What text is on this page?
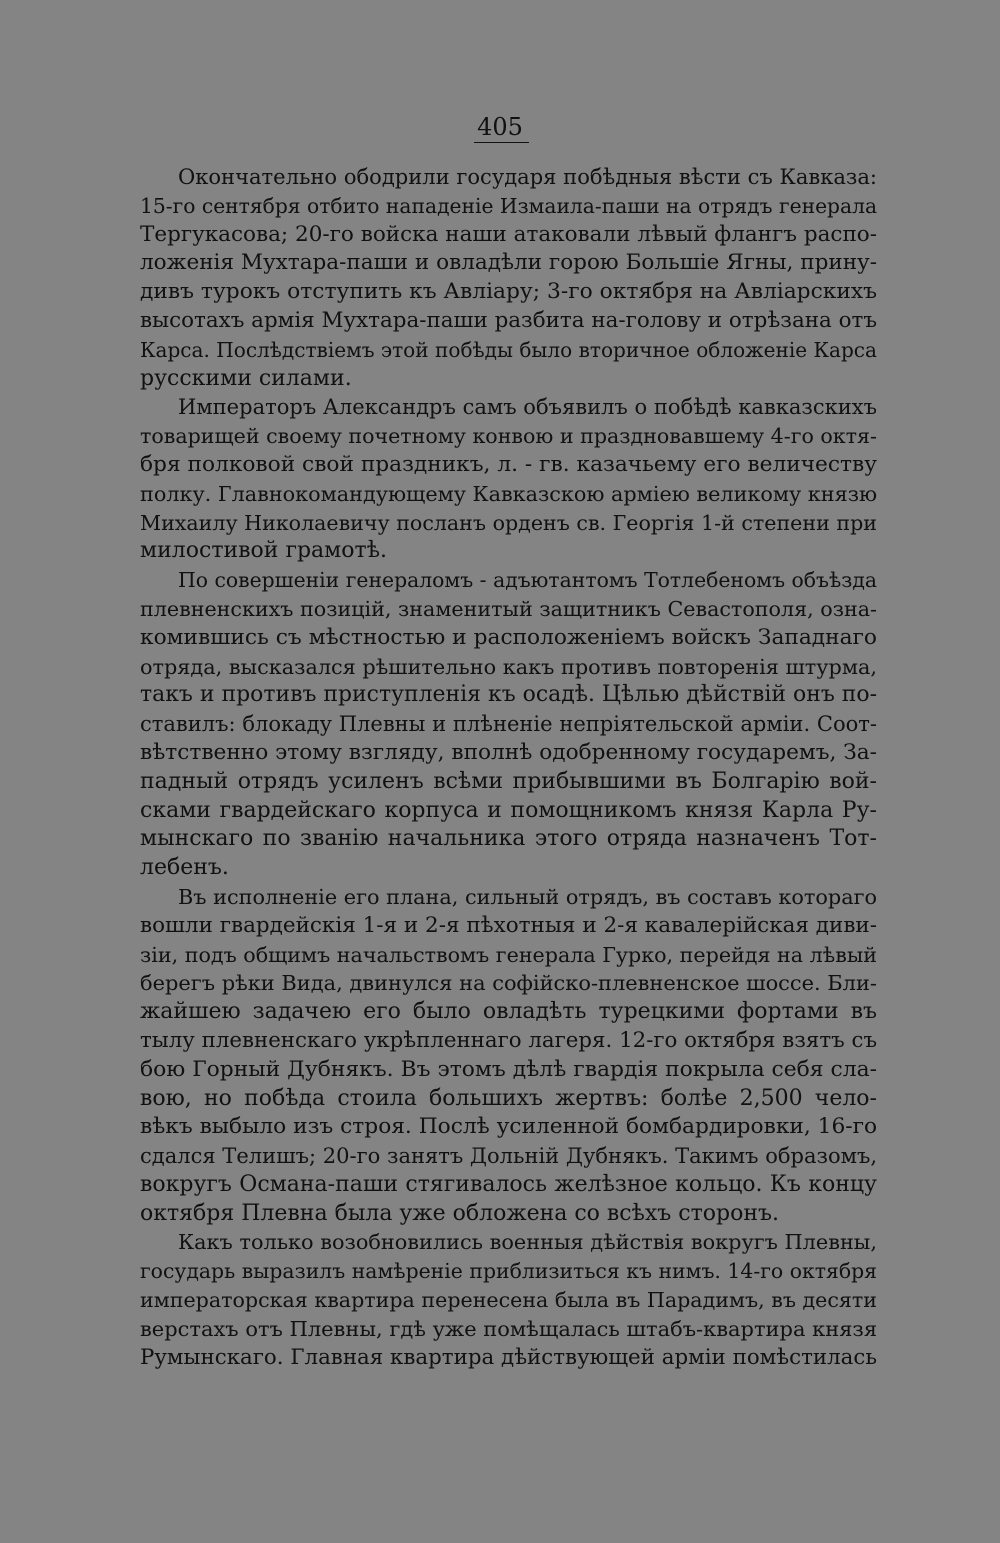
405
Окончательно ободрили государя побѣдныя вѣсти съ Кавказа:
15-го сентября отбито нападеніе Измаила-паши на отрядъ генерала
Тергукасова; 20-го войска наши атаковали лѣвый флангъ распо-
ложенія Мухтара-паши и овладѣли горою Большіе Ягны, прину-
дивъ турокъ отступить къ Авліару; 3-го октября на Авліарскихъ
высотахъ армія Мухтара-паши разбита на-голову и отрѣзана отъ
Карса. Послѣдствіемъ этой побѣды было вторичное обложеніе Карса
русскими силами.
Императоръ Александръ самъ объявилъ о побѣдѣ кавказскихъ
товарищей своему почетному конвою и праздновавшему 4-го октя-
бря полковой свой праздникъ, л. - гв. казачьему его величеству
полку. Главнокомандующему Кавказскою арміею великому князю
Михаилу Николаевичу посланъ орденъ св. Георгія 1-й степени при
милостивой грамотѣ.
По совершеніи генераломъ - адъютантомъ Тотлебеномъ объѣзда
плевненскихъ позицій, знаменитый защитникъ Севастополя, озна-
комившись съ мѣстностью и расположеніемъ войскъ Западнаго
отряда, высказался рѣшительно какъ противъ повторенія штурма,
такъ и противъ приступленія къ осадѣ. Цѣлью дѣйствій онъ по-
ставилъ: блокаду Плевны и плѣненіе непріятельской арміи. Соот-
вѣтственно этому взгляду, вполнѣ одобренному государемъ, За-
падный отрядъ усиленъ всѣми прибывшими въ Болгарію вой-
сками гвардейскаго корпуса и помощникомъ князя Карла Ру-
мынскаго по званію начальника этого отряда назначенъ Тот-
лебенъ.
Въ исполненіе его плана, сильный отрядъ, въ составъ котораго
вошли гвардейскія 1-я и 2-я пѣхотныя и 2-я кавалерійская диви-
зіи, подъ общимъ начальствомъ генерала Гурко, перейдя на лѣвый
берегъ рѣки Вида, двинулся на софійско-плевненское шоссе. Бли-
жайшею задачею его было овладѣть турецкими фортами въ
тылу плевненскаго укрѣпленнаго лагеря. 12-го октября взятъ съ
бою Горный Дубнякъ. Въ этомъ дѣлѣ гвардія покрыла себя сла-
вою, но побѣда стоила большихъ жертвъ: болѣе 2,500 чело-
вѣкъ выбыло изъ строя. Послѣ усиленной бомбардировки, 16-го
сдался Телишъ; 20-го занятъ Дольній Дубнякъ. Такимъ образомъ,
вокругъ Османа-паши стягивалось желѣзное кольцо. Къ концу
октября Плевна была уже обложена со всѣхъ сторонъ.
Какъ только возобновились военныя дѣйствія вокругъ Плевны,
государь выразилъ намѣреніе приблизиться къ нимъ. 14-го октября
императорская квартира перенесена была въ Парадимъ, въ десяти
верстахъ отъ Плевны, гдѣ уже помѣщалась штабъ-квартира князя
Румынскаго. Главная квартира дѣйствующей арміи помѣстилась
